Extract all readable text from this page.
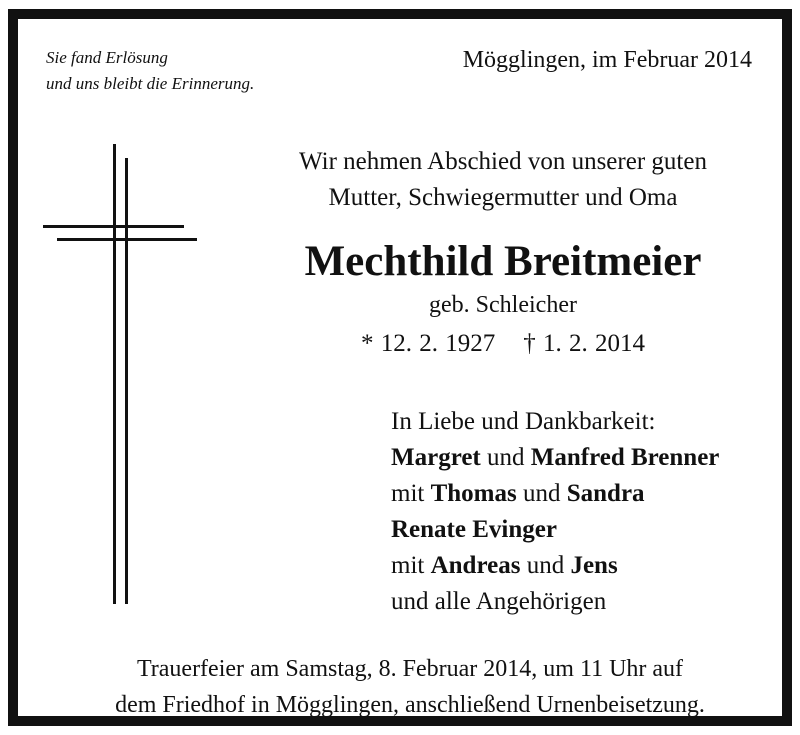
Sie fand Erlösung
und uns bleibt die Erinnerung.
Mögglingen, im Februar 2014
Wir nehmen Abschied von unserer guten
Mutter, Schwiegermutter und Oma
Mechthild Breitmeier
geb. Schleicher
* 12. 2. 1927 † 1. 2. 2014
In Liebe und Dankbarkeit:
Margret und Manfred Brenner
mit Thomas und Sandra
Renate Evinger
mit Andreas und Jens
und alle Angehörigen
Trauerfeier am Samstag, 8. Februar 2014, um 11 Uhr auf
dem Friedhof in Mögglingen, anschließend Urnenbeisetzung.
